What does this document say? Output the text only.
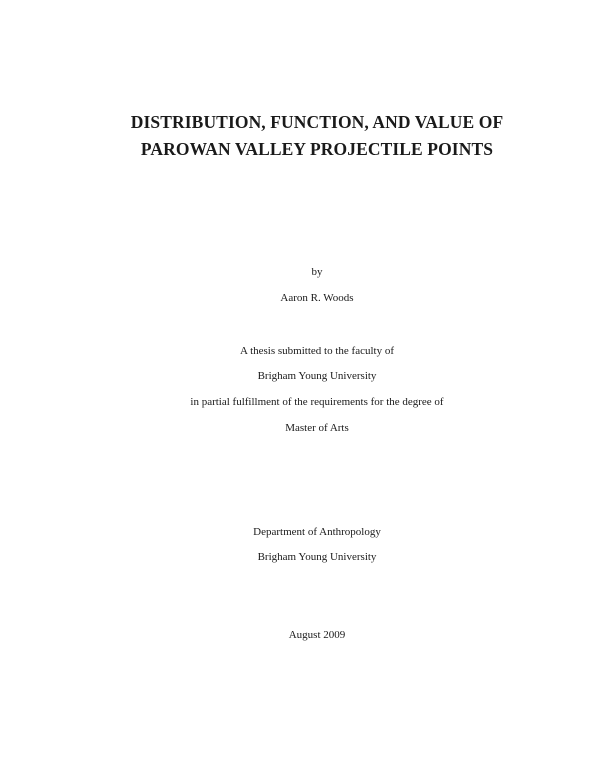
DISTRIBUTION, FUNCTION, AND VALUE OF
PAROWAN VALLEY PROJECTILE POINTS
by
Aaron R. Woods
A thesis submitted to the faculty of
Brigham Young University
in partial fulfillment of the requirements for the degree of
Master of Arts
Department of Anthropology
Brigham Young University
August 2009
